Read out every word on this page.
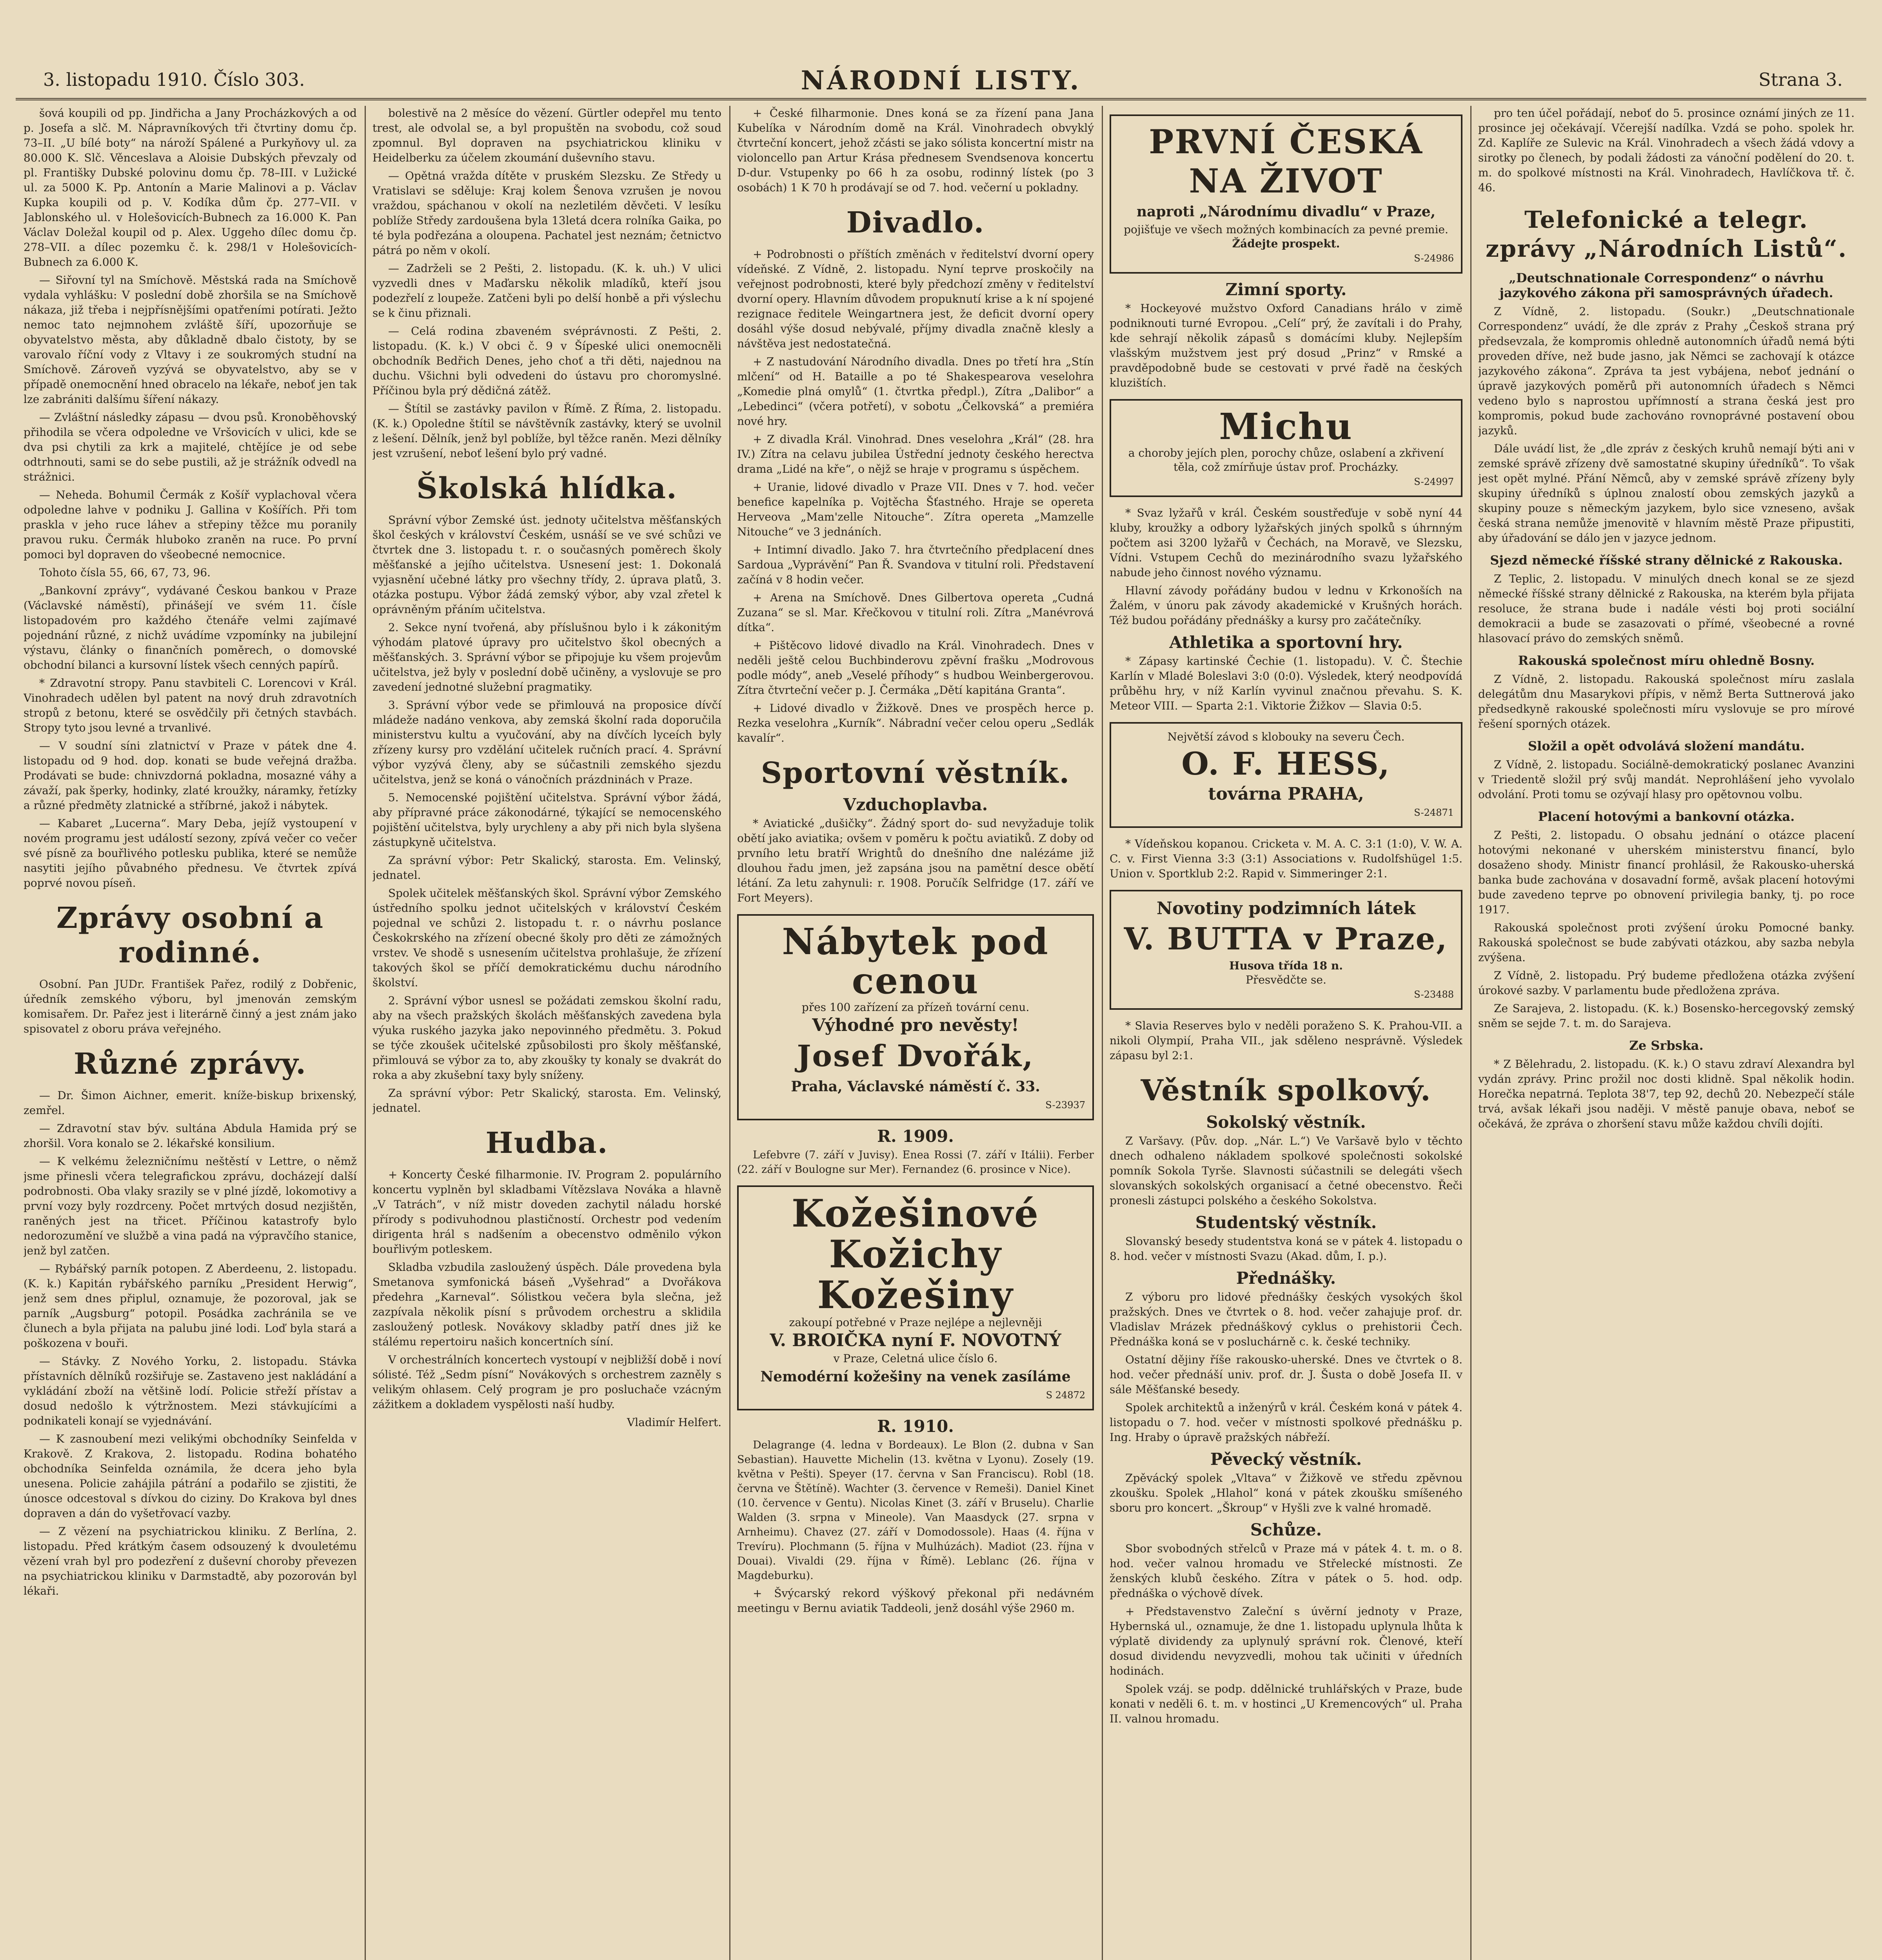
3. listopadu 1910. Číslo 303.	NÁRODNÍ LISTY.	Strana 3.

šová koupili od pp. Jindřicha a Jany Procházkových a od p. Josefa a slč. M. Nápravníkových tři čtvrtiny domu čp. 73–II. „U bílé boty“ na nároží Spálené a Purkyňovy ul. za 80.000 K. Slč. Věnceslava a Aloisie Dubských převzaly od pl. Františky Dubské polovinu domu čp. 78–III. v Lužické ul. za 5000 K. Pp. Antonín a Marie Malinovi a p. Václav Kupka koupili od p. V. Kodíka dům čp. 277–VII. v Jablonského ul. v Holešovicích-Bubnech za 16.000 K. Pan Václav Doležal koupil od p. Alex. Uggeho dílec domu čp. 278–VII. a dílec pozemku č. k. 298/1 v Holešovicích-Bubnech za 6.000 K.

— Siřovní tyl na Smíchově. Městská rada na Smíchově vydala vyhlášku: V poslední době zhoršila se na Smíchově nákaza, již třeba i nejpřísnějšími opatřeními potírati. Ježto nemoc tato nejmnohem zvláště šíří, upozorňuje se obyvatelstvo města, aby důkladně dbalo čistoty, by se varovalo říční vody z Vltavy i ze soukromých studní na Smíchově. Zároveň vyzývá se obyvatelstvo, aby se v případě onemocnění hned obracelo na lékaře, neboť jen tak lze zabrániti dalšímu šíření nákazy.

— Zvláštní následky zápasu — dvou psů. Kronoběhovský přihodila se včera odpoledne ve Vršovicích v ulici, kde se dva psi chytili za krk a majitelé, chtějíce je od sebe odtrhnouti, sami se do sebe pustili, až je strážník odvedl na strážnici.

— Neheda. Bohumil Čermák z Košíř vyplachoval včera odpoledne lahve v podniku J. Gallina v Košířích. Při tom praskla v jeho ruce láhev a střepiny těžce mu poranily pravou ruku. Čermák hluboko zraněn na ruce. Po první pomoci byl dopraven do všeobecné nemocnice.

Tohoto čísla 55, 66, 67, 73, 96.

„Bankovní zprávy“, vydávané Českou bankou v Praze (Václavské náměstí), přinášejí ve svém 11. čísle listopadovém pro každého čtenáře velmi zajímavé pojednání různé, z nichž uvádíme vzpomínky na jubilejní výstavu, články o finančních poměrech, o domovské obchodní bilanci a kursovní lístek všech cenných papírů.

* Zdravotní stropy. Panu stavbiteli C. Lorencovi v Král. Vinohradech udělen byl patent na nový druh zdravotních stropů z betonu, které se osvědčily při četných stavbách. Stropy tyto jsou levné a trvanlivé.

— V soudní síni zlatnictví v Praze v pátek dne 4. listopadu od 9 hod. dop. konati se bude veřejná dražba. Prodávati se bude: chnivzdorná pokladna, mosazné váhy a závaží, pak šperky, hodinky, zlaté kroužky, náramky, řetízky a různé předměty zlatnické a stříbrné, jakož i nábytek.

— Kabaret „Lucerna“. Mary Deba, jejíž vystoupení v novém programu jest událostí sezony, zpívá večer co večer své písně za bouřlivého potlesku publika, které se nemůže nasytiti jejího půvabného přednesu. Ve čtvrtek zpívá poprvé novou píseň.

Zprávy osobní a rodinné.

Osobní. Pan JUDr. František Pařez, rodilý z Dobřenic, úředník zemského výboru, byl jmenován zemským komisařem. Dr. Pařez jest i literárně činný a jest znám jako spisovatel z oboru práva veřejného.

Různé zprávy.

— Dr. Šimon Aichner, emerit. kníže-biskup brixenský, zemřel.

— Zdravotní stav býv. sultána Abdula Hamida prý se zhoršil. Vora konalo se 2. lékařské konsilium.

— K velkému železničnímu neštěstí v Lettre, o němž jsme přinesli včera telegrafickou zprávu, docházejí další podrobnosti. Oba vlaky srazily se v plné jízdě, lokomotivy a první vozy byly rozdrceny. Počet mrtvých dosud nezjištěn, raněných jest na třicet. Příčinou katastrofy bylo nedorozumění ve službě a vina padá na výpravčího stanice, jenž byl zatčen.

— Rybářský parník potopen. Z Aberdeenu, 2. listopadu. (K. k.) Kapitán rybářského parníku „President Herwig“, jenž sem dnes připlul, oznamuje, že pozoroval, jak se parník „Augsburg“ potopil. Posádka zachránila se ve člunech a byla přijata na palubu jiné lodi. Loď byla stará a poškozena v bouři.

— Stávky. Z Nového Yorku, 2. listopadu. Stávka přístavních dělníků rozšiřuje se. Zastaveno jest nakládání a vykládání zboží na většině lodí. Policie střeží přístav a dosud nedošlo k výtržnostem. Mezi stávkujícími a podnikateli konají se vyjednávání.

— K zasnoubení mezi velikými obchodníky Seinfelda v Krakově. Z Krakova, 2. listopadu. Rodina bohatého obchodníka Seinfelda oznámila, že dcera jeho byla unesena. Policie zahájila pátrání a podařilo se zjistiti, že únosce odcestoval s dívkou do ciziny. Do Krakova byl dnes dopraven a dán do vyšetřovací vazby.

— Z vězení na psychiatrickou kliniku. Z Berlína, 2. listopadu. Před krátkým časem odsouzený k dvouletému vězení vrah byl pro podezření z duševní choroby převezen na psychiatrickou kliniku v Darmstadtě, aby pozorován byl lékaři.

bolestivě na 2 měsíce do vězení. Gürtler odepřel mu tento trest, ale odvolal se, a byl propuštěn na svobodu, což soud zpomnul. Byl dopraven na psychiatrickou kliniku v Heidelberku za účelem zkoumání duševního stavu.

— Opětná vražda dítěte v pruském Slezsku. Ze Středy u Vratislavi se sděluje: Kraj kolem Šenova vzrušen je novou vraždou, spáchanou v okolí na nezletilém děvčeti. V lesíku poblíže Středy zardoušena byla 13letá dcera rolníka Gaika, po té byla podřezána a oloupena. Pachatel jest neznám; četnictvo pátrá po něm v okolí.

— Zadrželi se 2 Pešti, 2. listopadu. (K. k. uh.) V ulici vyzvedli dnes v Maďarsku několik mladíků, kteří jsou podezřelí z loupeže. Zatčeni byli po delší honbě a při výslechu se k činu přiznali.

— Celá rodina zbaveném svéprávnosti. Z Pešti, 2. listopadu. (K. k.) V obci č. 9 v Šípeské ulici onemocněli obchodník Bedřich Denes, jeho choť a tři děti, najednou na duchu. Všichni byli odvedeni do ústavu pro choromyslné. Příčinou byla prý dědičná zátěž.

— Štítil se zastávky pavilon v Římě. Z Říma, 2. listopadu. (K. k.) Opoledne štítil se návštěvník zastávky, který se uvolnil z lešení. Dělník, jenž byl poblíže, byl těžce raněn. Mezi dělníky jest vzrušení, neboť lešení bylo prý vadné.

Školská hlídka.

Správní výbor Zemské úst. jednoty učitelstva měšťanských škol českých v království Českém, usnáší se ve své schůzi ve čtvrtek dne 3. listopadu t. r. o současných poměrech školy měšťanské a jejího učitelstva. Usnesení jest: 1. Dokonalá vyjasnění učebné látky pro všechny třídy, 2. úprava platů, 3. otázka postupu. Výbor žádá zemský výbor, aby vzal zřetel k oprávněným přáním učitelstva.

2. Sekce nyní tvořená, aby příslušnou bylo i k zákonitým výhodám platové úpravy pro učitelstvo škol obecných a měšťanských. 3. Správní výbor se připojuje ku všem projevům učitelstva, jež byly v poslední době učiněny, a vyslovuje se pro zavedení jednotné služební pragmatiky.

3. Správní výbor vede se přimlouvá na proposice dívčí mládeže nadáno venkova, aby zemská školní rada doporučila ministerstvu kultu a vyučování, aby na dívčích lyceích byly zřízeny kursy pro vzdělání učitelek ručních prací. 4. Správní výbor vyzývá členy, aby se súčastnili zemského sjezdu učitelstva, jenž se koná o vánočních prázdninách v Praze.

5. Nemocenské pojištění učitelstva. Správní výbor žádá, aby přípravné práce zákonodárné, týkající se nemocenského pojištění učitelstva, byly urychleny a aby při nich byla slyšena zástupkyně učitelstva.

Za správní výbor: Petr Skalický, starosta. Em. Velinský, jednatel.

Spolek učitelek měšťanských škol. Správní výbor Zemského ústředního spolku jednot učitelských v království Českém pojednal ve schůzi 2. listopadu t. r. o návrhu poslance Českokrského na zřízení obecné školy pro děti ze zámožných vrstev. Ve shodě s usnesením učitelstva prohlašuje, že zřízení takových škol se příčí demokratickému duchu národního školství.

2. Správní výbor usnesl se požádati zemskou školní radu, aby na všech pražských školách měšťanských zavedena byla výuka ruského jazyka jako nepovinného předmětu. 3. Pokud se týče zkoušek učitelské způsobilosti pro školy měšťanské, přimlouvá se výbor za to, aby zkoušky ty konaly se dvakrát do roka a aby zkušební taxy byly sníženy.

Za správní výbor: Petr Skalický, starosta. Em. Velinský, jednatel.

Hudba.

+ Koncerty České filharmonie. IV. Program 2. populárního koncertu vyplněn byl skladbami Vítězslava Nováka a hlavně „V Tatrách“, v níž mistr doveden zachytil náladu horské přírody s podivuhodnou plastičností. Orchestr pod vedením dirigenta hrál s nadšením a obecenstvo odměnilo výkon bouřlivým potleskem.

Skladba vzbudila zasloužený úspěch. Dále provedena byla Smetanova symfonická báseň „Vyšehrad“ a Dvořákova předehra „Karneval“. Sólistkou večera byla slečna, jež zazpívala několik písní s průvodem orchestru a sklidila zasloužený potlesk. Novákovy skladby patří dnes již ke stálému repertoiru našich koncertních síní.

V orchestrálních koncertech vystoupí v nejbližší době i noví sólisté. Též „Sedm písní“ Novákových s orchestrem zazněly s velikým ohlasem. Celý program je pro posluchače vzácným zážitkem a dokladem vyspělosti naší hudby.

Vladimír Helfert.

+ České filharmonie. Dnes koná se za řízení pana Jana Kubelíka v Národním domě na Král. Vinohradech obvyklý čtvrteční koncert, jehož zčásti se jako sólista koncertní mistr na violoncello pan Artur Krása přednesem Svendsenova koncertu D-dur. Vstupenky po 66 h za osobu, rodinný lístek (po 3 osobách) 1 K 70 h prodávají se od 7. hod. večerní u pokladny.

Divadlo.

+ Podrobnosti o příštích změnách v ředitelství dvorní opery vídeňské. Z Vídně, 2. listopadu. Nyní teprve proskočily na veřejnost podrobnosti, které byly předchozí změny v ředitelství dvorní opery. Hlavním důvodem propuknutí krise a k ní spojené rezignace ředitele Weingartnera jest, že deficit dvorní opery dosáhl výše dosud nebývalé, příjmy divadla značně klesly a návštěva jest nedostatečná.

+ Z nastudování Národního divadla. Dnes po třetí hra „Stín mlčení“ od H. Bataille a po té Shakespearova veselohra „Komedie plná omylů“ (1. čtvrtka předpl.), Zítra „Dalibor“ a „Lebedinci“ (včera potřetí), v sobotu „Čelkovská“ a premiéra nové hry.

+ Z divadla Král. Vinohrad. Dnes veselohra „Král“ (28. hra IV.) Zítra na celavu jubilea Ústřední jednoty českého herectva drama „Lidé na kře“, o nějž se hraje v programu s úspěchem.

+ Uranie, lidové divadlo v Praze VII. Dnes v 7. hod. večer benefice kapelníka p. Vojtěcha Šťastného. Hraje se opereta Herveova „Mam'zelle Nitouche“. Zítra opereta „Mamzelle Nitouche“ ve 3 jednáních.

+ Intimní divadlo. Jako 7. hra čtvrtečního předplacení dnes Sardoua „Vyprávění“ Pan Ř. Svandova v titulní roli. Představení začíná v 8 hodin večer.

+ Arena na Smíchově. Dnes Gilbertova opereta „Cudná Zuzana“ se sl. Mar. Křečkovou v titulní roli. Zítra „Manévrová dítka“.

+ Pištěcovo lidové divadlo na Král. Vinohradech. Dnes v neděli ještě celou Buchbinderovu zpěvní frašku „Modrovous podle módy“, aneb „Veselé příhody“ s hudbou Weinbergerovou. Zítra čtvrteční večer p. J. Čermáka „Dětí kapitána Granta“.

+ Lidové divadlo v Žižkově. Dnes ve prospěch herce p. Rezka veselohra „Kurník“. Nábradní večer celou operu „Sedlák kavalír“.

Sportovní věstník.
Vzduchoplavba.

* Aviatické „dušičky“. Žádný sport do- sud nevyžaduje tolik obětí jako aviatika; ovšem v poměru k počtu aviatiků. Z doby od prvního letu bratří Wrightů do dnešního dne nalézáme již dlouhou řadu jmen, jež zapsána jsou na pamětní desce obětí létání. Za letu zahynuli: r. 1908. Poručík Selfridge (17. září ve Fort Meyers).

Nábytek pod cenou
přes 100 zařízení za přízeň tovární cenu.
Výhodné pro nevěsty!
Josef Dvořák,
Praha, Václavské náměstí č. 33.
S-23937
R. 1909.

Lefebvre (7. září v Juvisy). Enea Rossi (7. září v Itálii). Ferber (22. září v Boulogne sur Mer). Fernandez (6. prosince v Nice).

Kožešinové Kožichy Kožešiny
zakoupí potřebné v Praze nejlépe a nejlevněji
V. BROIČKA nyní F. NOVOTNÝ
v Praze, Celetná ulice číslo 6.
Nemodérní kožešiny na venek zasíláme
S 24872
R. 1910.

Delagrange (4. ledna v Bordeaux). Le Blon (2. dubna v San Sebastian). Hauvette Michelin (13. května v Lyonu). Zosely (19. května v Pešti). Speyer (17. června v San Franciscu). Robl (18. června ve Štětíně). Wachter (3. července v Remeši). Daniel Kinet (10. července v Gentu). Nicolas Kinet (3. září v Bruselu). Charlie Walden (3. srpna v Mineole). Van Maasdyck (27. srpna v Arnheimu). Chavez (27. září v Domodossole). Haas (4. října v Trevíru). Plochmann (5. října v Mulhúzách). Madiot (23. října v Douai). Vivaldi (29. října v Římě). Leblanc (26. října v Magdeburku).

+ Švýcarský rekord výškový překonal při nedávném meetingu v Bernu aviatik Taddeoli, jenž dosáhl výše 2960 m.

PRVNÍ ČESKÁ NA ŽIVOT
naproti „Národnímu divadlu“ v Praze,
pojišťuje ve všech možných kombinacích za pevné premie.
Žádejte prospekt.
S-24986
Zimní sporty.

* Hockeyové mužstvo Oxford Canadians hrálo v zimě podniknouti turné Evropou. „Celí“ prý, že zavítali i do Prahy, kde sehrají několik zápasů s domácími kluby. Nejlepším vlašským mužstvem jest prý dosud „Prinz“ v Rmské a pravděpodobně bude se cestovati v prvé řadě na českých kluzištích.

Michu
a choroby jejích plen, porochy chůze, oslabení a zkřivení těla, což zmírňuje ústav prof. Procházky.
S-24997

* Svaz lyžařů v král. Českém soustřeďuje v sobě nyní 44 kluby, kroužky a odbory lyžařských jiných spolků s úhrnným počtem asi 3200 lyžařů v Čechách, na Moravě, ve Slezsku, Vídni. Vstupem Cechů do mezinárodního svazu lyžařského nabude jeho činnost nového významu.

Hlavní závody pořádány budou v lednu v Krkonoších na Žalém, v únoru pak závody akademické v Krušných horách. Též budou pořádány přednášky a kursy pro začátečníky.

Athletika a sportovní hry.

* Zápasy kartinské Čechie (1. listopadu). V. Č. Štechie Karlín v Mladé Boleslavi 3:0 (0:0). Výsledek, který neodpovídá průběhu hry, v níž Karlín vyvinul značnou převahu. S. K. Meteor VIII. — Sparta 2:1. Viktorie Žižkov — Slavia 0:5.

Největší závod s klobouky na severu Čech.
O. F. HESS,
továrna PRAHA,
S-24871

* Vídeňskou kopanou. Cricketa v. M. A. C. 3:1 (1:0), V. W. A. C. v. First Vienna 3:3 (3:1) Associations v. Rudolfshügel 1:5. Union v. Sportklub 2:2. Rapid v. Simmeringer 2:1.

Novotiny podzimních látek
V. BUTTA v Praze,
Husova třída 18 n.
Přesvědčte se.
S-23488

* Slavia Reserves bylo v neděli poraženo S. K. Prahou-VII. a nikoli Olympií, Praha VII., jak sděleno nesprávně. Výsledek zápasu byl 2:1.

Věstník spolkový.
Sokolský věstník.

Z Varšavy. (Pův. dop. „Nár. L.“) Ve Varšavě bylo v těchto dnech odhaleno nákladem spolkové společnosti sokolské pomník Sokola Tyrše. Slavnosti súčastnili se delegáti všech slovanských sokolských organisací a četné obecenstvo. Řeči pronesli zástupci polského a českého Sokolstva.

Studentský věstník.

Slovanský besedy studentstva koná se v pátek 4. listopadu o 8. hod. večer v místnosti Svazu (Akad. dům, I. p.).

Přednášky.

Z výboru pro lidové přednášky českých vysokých škol pražských. Dnes ve čtvrtek o 8. hod. večer zahajuje prof. dr. Vladislav Mrázek přednáškový cyklus o prehistorii Čech. Přednáška koná se v posluchárně c. k. české techniky.

Ostatní dějiny říše rakousko-uherské. Dnes ve čtvrtek o 8. hod. večer přednáší univ. prof. dr. J. Šusta o době Josefa II. v sále Měšťanské besedy.

Spolek architektů a inženýrů v král. Českém koná v pátek 4. listopadu o 7. hod. večer v místnosti spolkové přednášku p. Ing. Hraby o úpravě pražských nábřeží.

Pěvecký věstník.

Zpěvácký spolek „Vltava“ v Žižkově ve středu zpěvnou zkoušku. Spolek „Hlahol“ koná v pátek zkoušku smíšeného sboru pro koncert. „Škroup“ v Hyšli zve k valné hromadě.

Schůze.

Sbor svobodných střelců v Praze má v pátek 4. t. m. o 8. hod. večer valnou hromadu ve Střelecké místnosti. Ze ženských klubů českého. Zítra v pátek o 5. hod. odp. přednáška o výchově dívek.

+ Představenstvo Zaleční s úvěrní jednoty v Praze, Hybernská ul., oznamuje, že dne 1. listopadu uplynula lhůta k výplatě dividendy za uplynulý správní rok. Členové, kteří dosud dividendu nevyzvedli, mohou tak učiniti v úředních hodinách.

Spolek vzáj. se podp. ddělnické truhlářských v Praze, bude konati v neděli 6. t. m. v hostinci „U Kremencových“ ul. Praha II. valnou hromadu.

pro ten účel pořádají, neboť do 5. prosince oznámí jiných ze 11. prosince jej očekávají. Včerejší nadílka. Vzdá se poho. spolek hr. Zd. Kaplíře ze Sulevic na Král. Vinohradech a všech žádá vdovy a sirotky po členech, by podali žádosti za vánoční podělení do 20. t. m. do spolkové místnosti na Král. Vinohradech, Havlíčkova tř. č. 46.

Telefonické a telegr. zprávy „Národních Listů“.
„Deutschnationale Correspondenz“ o návrhu jazykového zákona při samosprávných úřadech.

Z Vídně, 2. listopadu. (Soukr.) „Deutschnationale Correspondenz“ uvádí, že dle zpráv z Prahy „Českoš strana prý předsevzala, že kompromis ohledně autonomních úřadů nemá býti proveden dříve, než bude jasno, jak Němci se zachovají k otázce jazykového zákona“. Zpráva ta jest vybájena, neboť jednání o úpravě jazykových poměrů při autonomních úřadech s Němci vedeno bylo s naprostou upřímností a strana česká jest pro kompromis, pokud bude zachováno rovnoprávné postavení obou jazyků.

Dále uvádí list, že „dle zpráv z českých kruhů nemají býti ani v zemské správě zřízeny dvě samostatné skupiny úředníků“. To však jest opět mylné. Přání Němců, aby v zemské správě zřízeny byly skupiny úředníků s úplnou znalostí obou zemských jazyků a skupiny pouze s německým jazykem, bylo sice vzneseno, avšak česká strana nemůže jmenovitě v hlavním městě Praze připustiti, aby úřadování se dálo jen v jazyce jednom.

Sjezd německé říšské strany dělnické z Rakouska.

Z Teplic, 2. listopadu. V minulých dnech konal se ze sjezd německé říšské strany dělnické z Rakouska, na kterém byla přijata resoluce, že strana bude i nadále vésti boj proti sociální demokracii a bude se zasazovati o přímé, všeobecné a rovné hlasovací právo do zemských sněmů.

Rakouská společnost míru ohledně Bosny.

Z Vídně, 2. listopadu. Rakouská společnost míru zaslala delegátům dnu Masarykovi přípis, v němž Berta Suttnerová jako předsedkyně rakouské společnosti míru vyslovuje se pro mírové řešení sporných otázek.

Složil a opět odvolává složení mandátu.

Z Vídně, 2. listopadu. Sociálně-demokratický poslanec Avanzini v Triedentě složil prý svůj mandát. Neprohlášení jeho vyvolalo odvolání. Proti tomu se ozývají hlasy pro opětovnou volbu.

Placení hotovými a bankovní otázka.

Z Pešti, 2. listopadu. O obsahu jednání o otázce placení hotovými nekonané v uherském ministerstvu financí, bylo dosaženo shody. Ministr financí prohlásil, že Rakousko-uherská banka bude zachována v dosavadní formě, avšak placení hotovými bude zavedeno teprve po obnovení privilegia banky, tj. po roce 1917.

Rakouská společnost proti zvýšení úroku Pomocné banky. Rakouská společnost se bude zabývati otázkou, aby sazba nebyla zvýšena.

Z Vídně, 2. listopadu. Prý budeme předložena otázka zvýšení úrokové sazby. V parlamentu bude předložena zpráva.

Ze Sarajeva, 2. listopadu. (K. k.) Bosensko-hercegovský zemský sněm se sejde 7. t. m. do Sarajeva.

Ze Srbska.

* Z Bělehradu, 2. listopadu. (K. k.) O stavu zdraví Alexandra byl vydán zprávy. Princ prožil noc dosti klidně. Spal několik hodin. Horečka nepatrná. Teplota 38'7, tep 92, dechů 20. Nebezpečí stále trvá, avšak lékaři jsou naději. V městě panuje obava, neboť se očekává, že zpráva o zhoršení stavu může každou chvíli dojíti.
